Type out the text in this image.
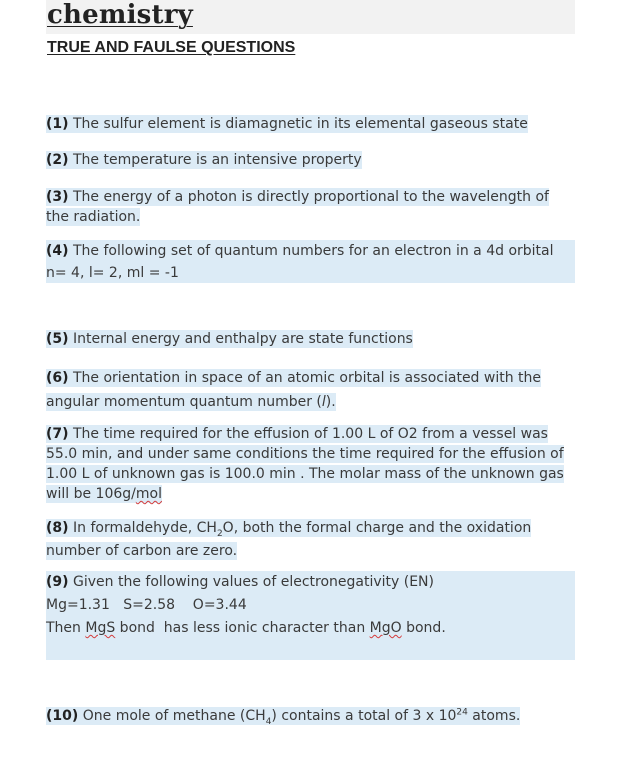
chemistry
TRUE AND FAULSE QUESTIONS
(1) The sulfur element is diamagnetic in its elemental gaseous state
(2) The temperature is an intensive property
(3) The energy of a photon is directly proportional to the wavelength of the radiation.
(4) The following set of quantum numbers for an electron in a 4d orbital
n= 4, l= 2, ml = -1
(5) Internal energy and enthalpy are state functions
(6) The orientation in space of an atomic orbital is associated with the angular momentum quantum number (l).
(7) The time required for the effusion of 1.00 L of O2 from a vessel was 55.0 min, and under same conditions the time required for the effusion of 1.00 L of unknown gas is 100.0 min . The molar mass of the unknown gas will be 106g/mol
(8) In formaldehyde, $CH_2O$, both the formal charge and the oxidation number of carbon are zero.
(9) Given the following values of electronegativity (EN)
Mg=1.31   S=2.58    O=3.44
Then MgS bond  has less ionic character than MgO bond.
(10) One mole of methane $(CH_4)$ contains a total of 3 x $10^{24}$ atoms.
